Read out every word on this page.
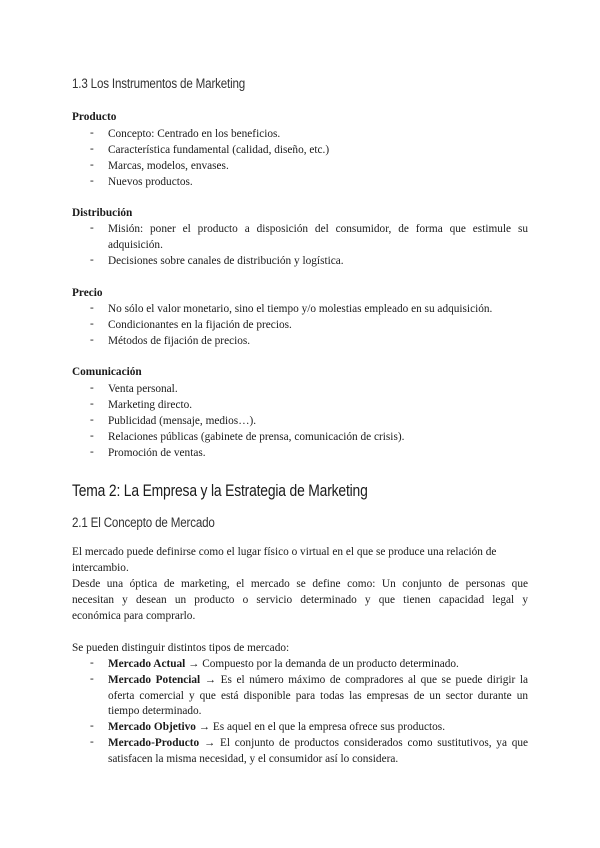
1.3 Los Instrumentos de Marketing
Producto
- Concepto: Centrado en los beneficios.
- Característica fundamental (calidad, diseño, etc.)
- Marcas, modelos, envases.
- Nuevos productos.
Distribución
- Misión: poner el producto a disposición del consumidor, de forma que estimule su adquisición.
- Decisiones sobre canales de distribución y logística.
Precio
- No sólo el valor monetario, sino el tiempo y/o molestias empleado en su adquisición.
- Condicionantes en la fijación de precios.
- Métodos de fijación de precios.
Comunicación
- Venta personal.
- Marketing directo.
- Publicidad (mensaje, medios…).
- Relaciones públicas (gabinete de prensa, comunicación de crisis).
- Promoción de ventas.
Tema 2: La Empresa y la Estrategia de Marketing
2.1 El Concepto de Mercado
El mercado puede definirse como el lugar físico o virtual en el que se produce una relación de
intercambio.
Desde una óptica de marketing, el mercado se define como: Un conjunto de personas que
necesitan y desean un producto o servicio determinado y que tienen capacidad legal y
económica para comprarlo.
Se pueden distinguir distintos tipos de mercado:
- Mercado Actual → Compuesto por la demanda de un producto determinado.
- Mercado Potencial → Es el número máximo de compradores al que se puede dirigir la oferta comercial y que está disponible para todas las empresas de un sector durante un tiempo determinado.
- Mercado Objetivo → Es aquel en el que la empresa ofrece sus productos.
- Mercado-Producto → El conjunto de productos considerados como sustitutivos, ya que satisfacen la misma necesidad, y el consumidor así lo considera.
